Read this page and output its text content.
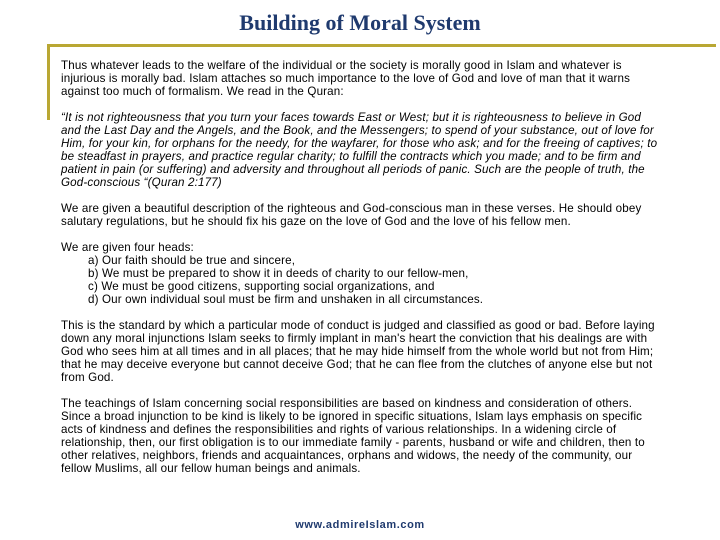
Building of Moral System

Thus whatever leads to the welfare of the individual or the society is morally good in Islam and whatever is injurious is morally bad. Islam attaches so much importance to the love of God and love of man that it warns against too much of formalism. We read in the Quran:

“It is not righteousness that you turn your faces towards East or West; but it is righteousness to believe in God and the Last Day and the Angels, and the Book, and the Messengers; to spend of your substance, out of love for Him, for your kin, for orphans for the needy, for the wayfarer, for those who ask; and for the freeing of captives; to be steadfast in prayers, and practice regular charity; to fulfill the contracts which you made; and to be firm and patient in pain (or suffering) and adversity and throughout all periods of panic. Such are the people of truth, the God-conscious “(Quran 2:177)

We are given a beautiful description of the righteous and God-conscious man in these verses. He should obey salutary regulations, but he should fix his gaze on the love of God and the love of his fellow men.

We are given four heads:

a) Our faith should be true and sincere,
b) We must be prepared to show it in deeds of charity to our fellow-men,
c) We must be good citizens, supporting social organizations, and
d) Our own individual soul must be firm and unshaken in all circumstances.

This is the standard by which a particular mode of conduct is judged and classified as good or bad. Before laying down any moral injunctions Islam seeks to firmly implant in man's heart the conviction that his dealings are with God who sees him at all times and in all places; that he may hide himself from the whole world but not from Him; that he may deceive everyone but cannot deceive God; that he can flee from the clutches of anyone else but not from God.

The teachings of Islam concerning social responsibilities are based on kindness and consideration of others. Since a broad injunction to be kind is likely to be ignored in specific situations, Islam lays emphasis on specific acts of kindness and defines the responsibilities and rights of various relationships. In a widening circle of relationship, then, our first obligation is to our immediate family - parents, husband or wife and children, then to other relatives, neighbors, friends and acquaintances, orphans and widows, the needy of the community, our fellow Muslims, all our fellow human beings and animals.

www.admireIslam.com
